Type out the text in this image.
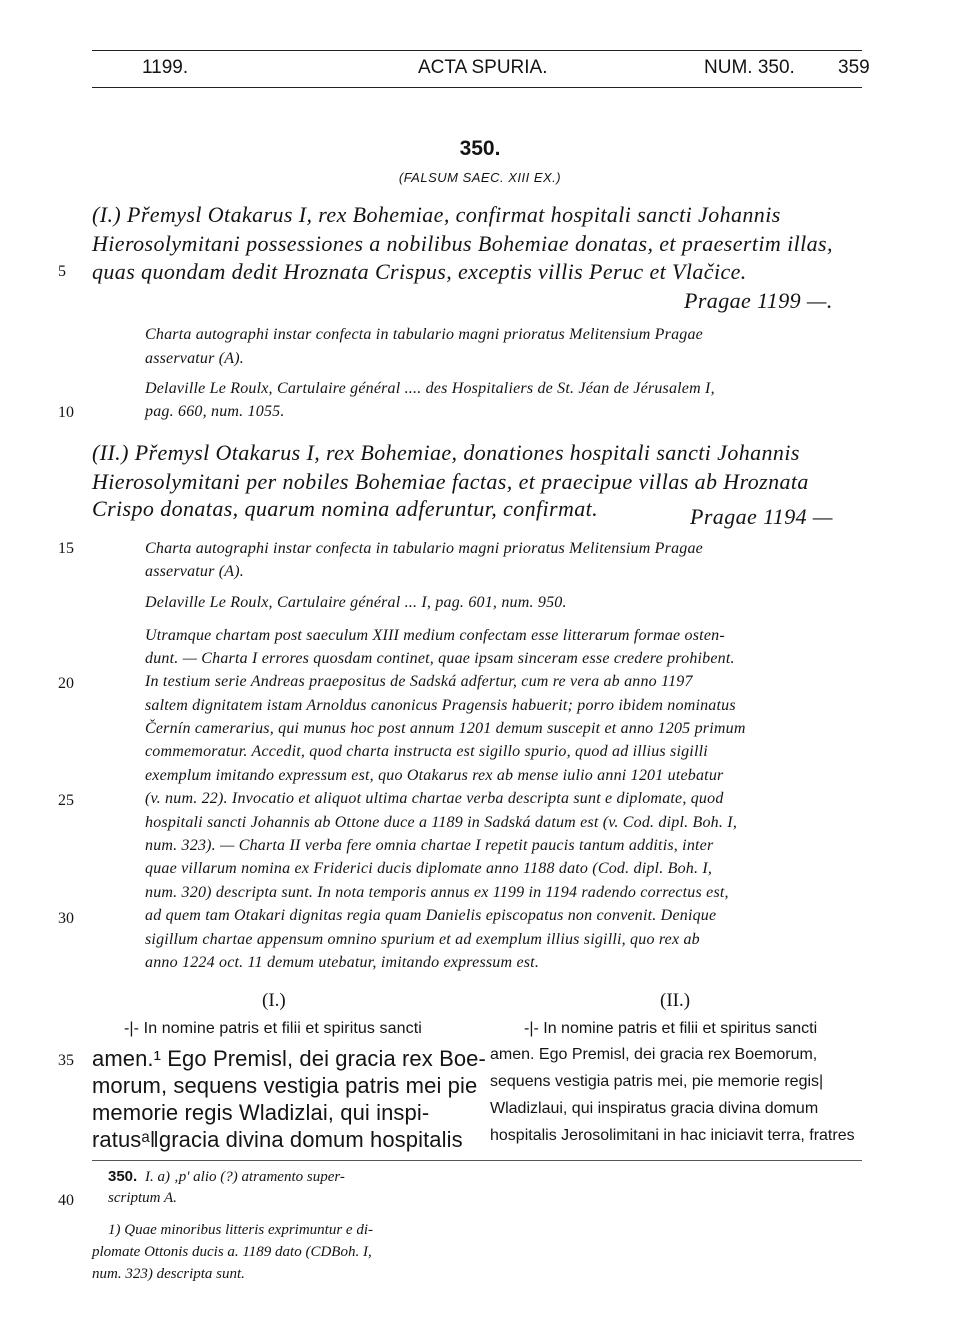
1199.	ACTA SPURIA.	NUM. 350. 359
350.
(FALSUM SAEC. XIII EX.)
(I.) Přemysl Otakarus I, rex Bohemiae, confirmat hospitali sancti Johannis
Hierosolymitani possessiones a nobilibus Bohemiae donatas, et praesertim illas,
quas quondam dedit Hroznata Crispus, exceptis villis Peruc et Vlačice.
Pragae 1199 —.
Charta autographi instar confecta in tabulario magni prioratus Melitensium Pragae
asservatur (A).
Delaville Le Roulx, Cartulaire général .... des Hospitaliers de St. Jéan de Jérusalem I,
pag. 660, num. 1055.
(II.) Přemysl Otakarus I, rex Bohemiae, donationes hospitali sancti Johannis
Hierosolymitani per nobiles Bohemiae factas, et praecipue villas ab Hroznata
Crispo donatas, quarum nomina adferuntur, confirmat.	Pragae 1194 —
Charta autographi instar confecta in tabulario magni prioratus Melitensium Pragae
asservatur (A).
Delaville Le Roulx, Cartulaire général ... I, pag. 601, num. 950.
Utramque chartam post saeculum XIII medium confectam esse litterarum formae osten-
dunt. — Charta I errores quosdam continet, quae ipsam sinceram esse credere prohibent.
In testium serie Andreas praepositus de Sadská adfertur, cum re vera ab anno 1197
saltem dignitatem istam Arnoldus canonicus Pragensis habuerit; porro ibidem nominatus
Černín camerarius, qui munus hoc post annum 1201 demum suscepit et anno 1205 primum
commemoratur. Accedit, quod charta instructa est sigillo spurio, quod ad illius sigilli
exemplum imitando expressum est, quo Otakarus rex ab mense iulio anni 1201 utebatur
(v. num. 22). Invocatio et aliquot ultima chartae verba descripta sunt e diplomate, quod
hospitali sancti Johannis ab Ottone duce a 1189 in Sadská datum est (v. Cod. dipl. Boh. I,
num. 323). — Charta II verba fere omnia chartae I repetit paucis tantum additis, inter
quae villarum nomina ex Friderici ducis diplomate anno 1188 dato (Cod. dipl. Boh. I,
num. 320) descripta sunt. In nota temporis annus ex 1199 in 1194 radendo correctus est,
ad quem tam Otakari dignitas regia quam Danielis episcopatus non convenit. Denique
sigillum chartae appensum omnino spurium et ad exemplum illius sigilli, quo rex ab
anno 1224 oct. 11 demum utebatur, imitando expressum est.
5
10
15
20
25
30
35
40
(I.)	(II.)
-|- In nomine patris et filii et spiritus sancti
amen.¹ Ego Premisl, dei gracia rex Boe-
morum, sequens vestigia patris mei pie
memorie regis Wladizlai, qui inspi-
ratusᵃ‖gracia divina domum hospitalis
-|- In nomine patris et filii et spiritus sancti
amen. Ego Premisl, dei gracia rex Boemorum,
sequens vestigia patris mei, pie memorie regis|
Wladizlaui, qui inspiratus gracia divina domum
hospitalis Jerosolimitani in hac iniciavit terra, fratres
350. I. a) ‚p' alio (?) atramento super-
scriptum A.
1) Quae minoribus litteris exprimuntur e di-
plomate Ottonis ducis a. 1189 dato (CDBoh. I,
num. 323) descripta sunt.
